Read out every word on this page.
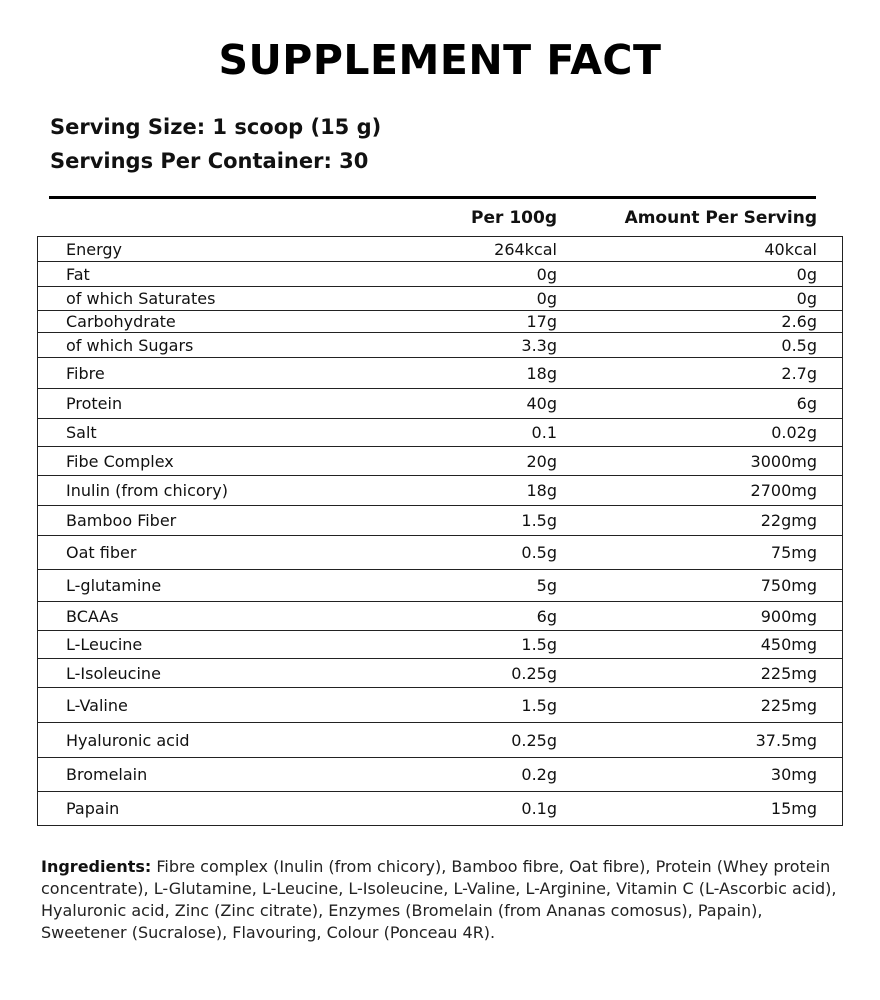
SUPPLEMENT FACT
Serving Size: 1 scoop (15 g)
Servings Per Container: 30
Per 100g	Amount Per Serving
Energy	264kcal		40kcal
Fat	0g		0g
of which Saturates	0g		0g
Carbohydrate	17g		2.6g
of which Sugars	3.3g		0.5g
Fibre	18g		2.7g
Protein	40g		6g
Salt	0.1		0.02g
Fibe Complex	20g		3000mg
Inulin (from chicory)	18g		2700mg
Bamboo Fiber	1.5g		22gmg
Oat fiber	0.5g		75mg
L-glutamine	5g		750mg
BCAAs	6g		900mg
L-Leucine	1.5g		450mg
L-Isoleucine	0.25g		225mg
L-Valine	1.5g		225mg
Hyaluronic acid	0.25g		37.5mg
Bromelain	0.2g		30mg
Papain	0.1g		15mg

Ingredients: Fibre complex (Inulin (from chicory), Bamboo fibre, Oat fibre), Protein (Whey protein concentrate), L-Glutamine, L-Leucine, L-Isoleucine, L-Valine, L-Arginine, Vitamin C (L-Ascorbic acid), Hyaluronic acid, Zinc (Zinc citrate), Enzymes (Bromelain (from Ananas comosus), Papain), Sweetener (Sucralose), Flavouring, Colour (Ponceau 4R).
